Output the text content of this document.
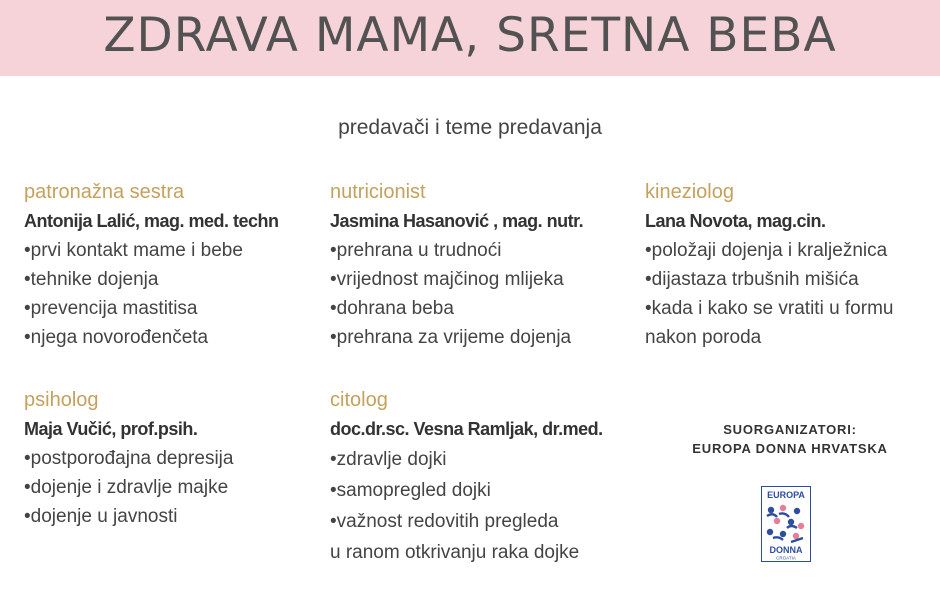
ZDRAVA MAMA, SRETNA BEBA
predavači i teme predavanja
patronažna sestra
Antonija Lalić, mag. med. techn
•prvi kontakt mame i bebe
•tehnike dojenja
•prevencija mastitisa
•njega novorođenčeta
nutricionist
Jasmina Hasanović , mag. nutr.
•prehrana u trudnoći
•vrijednost majčinog mlijeka
•dohrana beba
•prehrana za vrijeme dojenja
kineziolog
Lana Novota, mag.cin.
•položaji dojenja i kralježnica
•dijastaza trbušnih mišića
•kada i kako se vratiti u formu
nakon poroda
psiholog
Maja Vučić, prof.psih.
•postporođajna depresija
•dojenje i zdravlje majke
•dojenje u javnosti
citolog
doc.dr.sc. Vesna Ramljak, dr.med.
•zdravlje dojki
•samopregled dojki
•važnost redovitih pregleda
u ranom otkrivanju raka dojke
SUORGANIZATORI:
EUROPA DONNA HRVATSKA
EUROPA
DONNA
CROATIA
